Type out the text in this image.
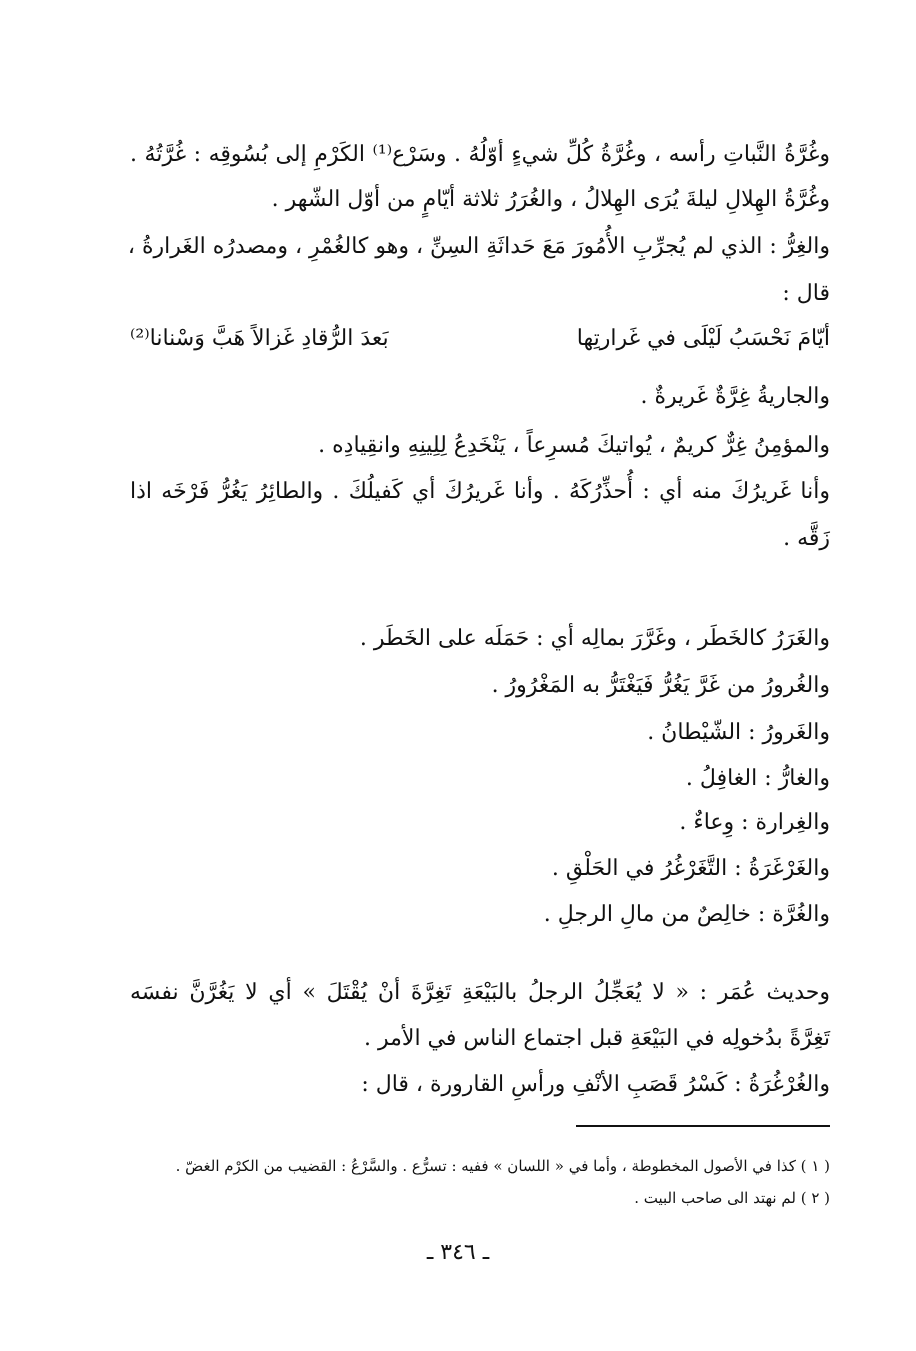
وغُرَّةُ النَّباتِ رأسه ، وغُرَّةُ كُلِّ شيءٍ أوّلُهُ . وسَرْع⁽¹⁾ الكَرْمِ إلى بُسُوقِه : غُرَّتُهُ .
وغُرَّةُ الهِلالِ ليلةَ يُرَى الهِلالُ ، والغُرَرُ ثلاثة أيّامٍ من أوّل الشّهر .
والغِرُّ : الذي لم يُجرِّبِ الأُمُورَ مَعَ حَداثَةِ السِنِّ ، وهو كالغُمْرِ ، ومصدرُه الغَرارةُ ،
قال :
أيّامَ نَحْسَبُ لَيْلَى في غَرارتِها
بَعدَ الرُّقادِ غَزالاً هَبَّ وَسْنانا⁽²⁾
والجاريةُ غِرَّةٌ غَريرةٌ .
والمؤمِنُ غِرٌّ كريمٌ ، يُواتيكَ مُسرِعاً ، يَنْخَدِعُ لِلِينِهِ وانقِيادِه .
وأنا غَريرُكَ منه أي : أُحذِّرُكَهُ . وأنا غَريرُكَ أي كَفيلُكَ . والطائِرُ يَغُرُّ فَرْخَه اذا
زَقَّه .
والغَرَرُ كالخَطَر ، وغَرَّرَ بمالِه أي : حَمَلَه على الخَطَر .
والغُرورُ من غَرَّ يَغُرُّ فَيَغْتَرُّ به المَغْرُورُ .
والغَرورُ : الشّيْطانُ .
والغارُّ : الغافِلُ .
والغِرارة : وِعاءٌ .
والغَرْغَرَةُ : التَّغَرْغُرُ في الحَلْقِ .
والغُرَّة : خالِصٌ من مالِ الرجلِ .
وحديث عُمَر : « لا يُعَجِّلُ الرجلُ بالبَيْعَةِ تَغِرَّةَ أنْ يُقْتَلَ » أي لا يَغُرَّنَّ نفسَه
تَغِرَّةً بدُخولِه في البَيْعَةِ قبل اجتماع الناس في الأمر .
والغُرْغُرَةُ : كَسْرُ قَصَبِ الأنْفِ ورأسِ القارورة ، قال :
( ١ ) كذا في الأصول المخطوطة ، وأما في « اللسان » ففيه : تسرُّع . والسَّرْعُ : القضيب من الكرْم الغضّ .
( ٢ ) لم نهتد الى صاحب البيت .
ـ ٣٤٦ ـ
